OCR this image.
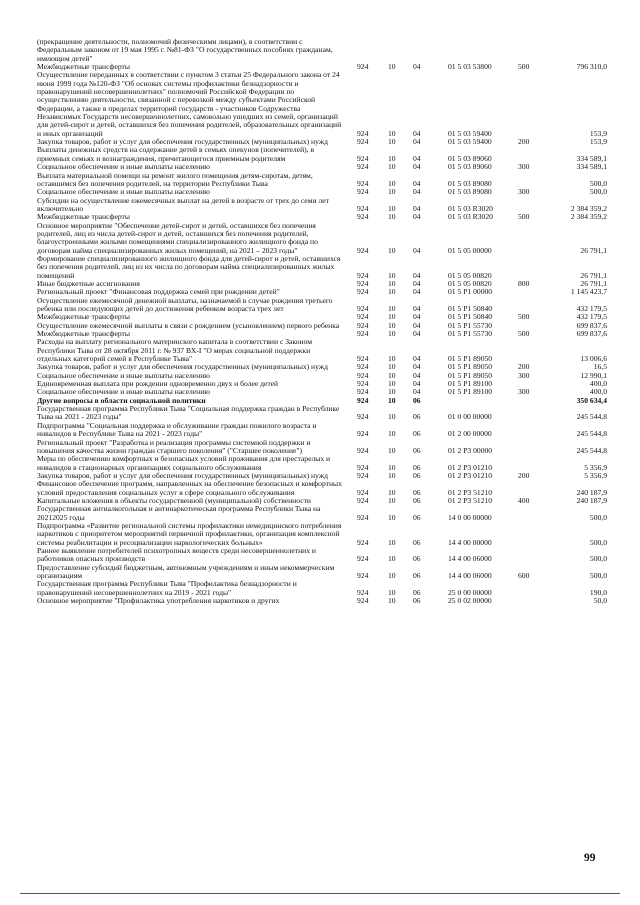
(прекращение деятельности, полномочий физическими лицами), в соответствии с Федеральным законом от 19 мая 1995 г. №81-ФЗ "О государственных пособиях гражданам, имеющим детей"
Межбюджетные трансферты	924	10 04	01 5 03 53800	500	796 310,0
Осуществление переданных в соответствии с пунктом 3 статьи 25 Федерального закона от 24 июня 1999 года №120-ФЗ "Об основах системы профилактики безнадзорности и правонарушений несовершеннолетних" полномочий Российской Федерации по осуществлению деятельности, связанной с перевозкой между субъектами Российской Федерации, а также в пределах территорий государств - участников Содружества Независимых Государств несовершеннолетних, самовольно ушедших из семей, организаций для детей-сирот и детей, оставшихся без попечения родителей, образовательных организаций и иных организаций	924	10 04	01 5 03 59400	153,9
Закупка товаров, работ и услуг для обеспечения государственных (муниципальных) нужд	924	10 04	01 5 03 59400	200	153,9
Выплаты денежных средств на содержание детей в семьях опекунов (попечителей), в приемных семьях и вознаграждения, причитающегося приемным родителям	924	10 04	01 5 03 89060	334 589,1
Социальное обеспечение и иные выплаты населению	924	10 04	01 5 03 89060	300	334 589,1
Выплата материальной помощи на ремонт жилого помещения детям-сиротам, детям, оставшимся без попечения родителей, на территории Республики Тыва	924	10 04	01 5 03 89080	500,0
Социальное обеспечение и иные выплаты населению	924	10 04	01 5 03 89080	300	500,0
Субсидии на осуществление ежемесячных выплат на детей в возрасте от трех до семи лет включительно	924	10 04	01 5 03 R3020	2 384 359,2
Межбюджетные трансферты	924	10 04	01 5 03 R3020	500	2 384 359,2
Основное мероприятие "Обеспечение детей-сирот и детей, оставшихся без попечения родителей, лиц из числа детей-сирот и детей, оставшихся без попечения родителей, благоустроенными жилыми помещениями специализированного жилищного фонда по договорам найма специализированных жилых помещений, на 2021 – 2023 годы"	924	10 04	01 5 05 00000	26 791,1
Формирование специализированного жилищного фонда для детей-сирот и детей, оставшихся без попечения родителей, лиц из их числа по договорам найма специализированных жилых помещений	924	10 04	01 5 05 00820	26 791,1
Иные бюджетные ассигнования	924	10 04	01 5 05 00820	800	26 791,1
Региональный проект "Финансовая поддержка семей при рождении детей"	924	10 04	01 5 P1 00000	1 145 423,7
Осуществление ежемесячной денежной выплаты, назначаемой в случае рождения третьего ребенка или последующих детей до достижения ребенком возраста трех лет	924	10 04	01 5 P1 50840	432 179,5
Межбюджетные трансферты	924	10 04	01 5 P1 50840	500	432 179,5
Осуществление ежемесячной выплаты в связи с рождением (усыновлением) первого ребенка	924	10 04	01 5 P1 55730	699 837,6
Межбюджетные трансферты	924	10 04	01 5 P1 55730	500	699 837,6
Расходы на выплату регионального материнского капитала в соответствии с Законом Республики Тыва от 28 октября 2011 г. № 937 ВХ-I "О мерах социальной поддержки отдельных категорий семей в Республике Тыва"	924	10 04	01 5 P1 89050	13 006,6
Закупка товаров, работ и услуг для обеспечения государственных (муниципальных) нужд	924	10 04	01 5 P1 89050	200	16,5
Социальное обеспечение и иные выплаты населению	924	10 04	01 5 P1 89050	300	12 990,1
Единовременная выплата при рождении одновременно двух и более детей	924	10 04	01 5 P1 89100	400,0
Социальное обеспечение и иные выплаты населению	924	10 04	01 5 P1 89100	300	400,0
Другие вопросы в области социальной политики	924	10 06	350 634,4
Государственная программа Республики Тыва "Социальная поддержка граждан в Республике Тыва на 2021 - 2023 годы"	924	10 06	01 0 00 00000	245 544,8
Подпрограмма "Социальная поддержка и обслуживание граждан пожилого возраста и инвалидов в Республике Тыва на 2021 - 2023 годы"	924	10 06	01 2 00 00000	245 544,8
Региональный проект "Разработка и реализация программы системной поддержки и повышения качества жизни граждан старшего поколения" ("Старшее поколение")	924	10 06	01 2 P3 00000	245 544,8
Меры по обеспечению комфортных и безопасных условий проживания для престарелых и инвалидов в стационарных организациях социального обслуживания	924	10 06	01 2 P3 01210	5 356,9
Закупка товаров, работ и услуг для обеспечения государственных (муниципальных) нужд	924	10 06	01 2 P3 01210	200	5 356,9
Финансовое обеспечение программ, направленных на обеспечение безопасных и комфортных условий предоставления социальных услуг в сфере социального обслуживания	924	10 06	01 2 P3 51210	240 187,9
Капитальные вложения в объекты государственной (муниципальной) собственности	924	10 06	01 2 P3 51210	400	240 187,9
Государственная антиалкогольная и антинаркотическая программа Республики Тыва на 20212025 годы	924	10 06	14 0 00 00000	500,0
Подпрограмма «Развитие региональной системы профилактики немедицинского потребления наркотиков с приоритетом мероприятий первичной профилактики, организация комплексной системы реабилитации и ресоциализации наркологических больных»	924	10 06	14 4 00 00000	500,0
Раннее выявление потребителей психотропных веществ среди несовершеннолетних и работников опасных производств	924	10 06	14 4 00 06000	500,0
Предоставление субсидий бюджетным, автономным учреждениям и иным некоммерческим организациям	924	10 06	14 4 00 06000	600	500,0
Государственная программа Республики Тыва "Профилактика безнадзорности и правонарушений несовершеннолетних на 2019 - 2021 годы"	924	10 06	25 0 00 00000	190,0
Основное мероприятие "Профилактика употребления наркотиков и других	924	10 06	25 0 02 00000	50,0
99
